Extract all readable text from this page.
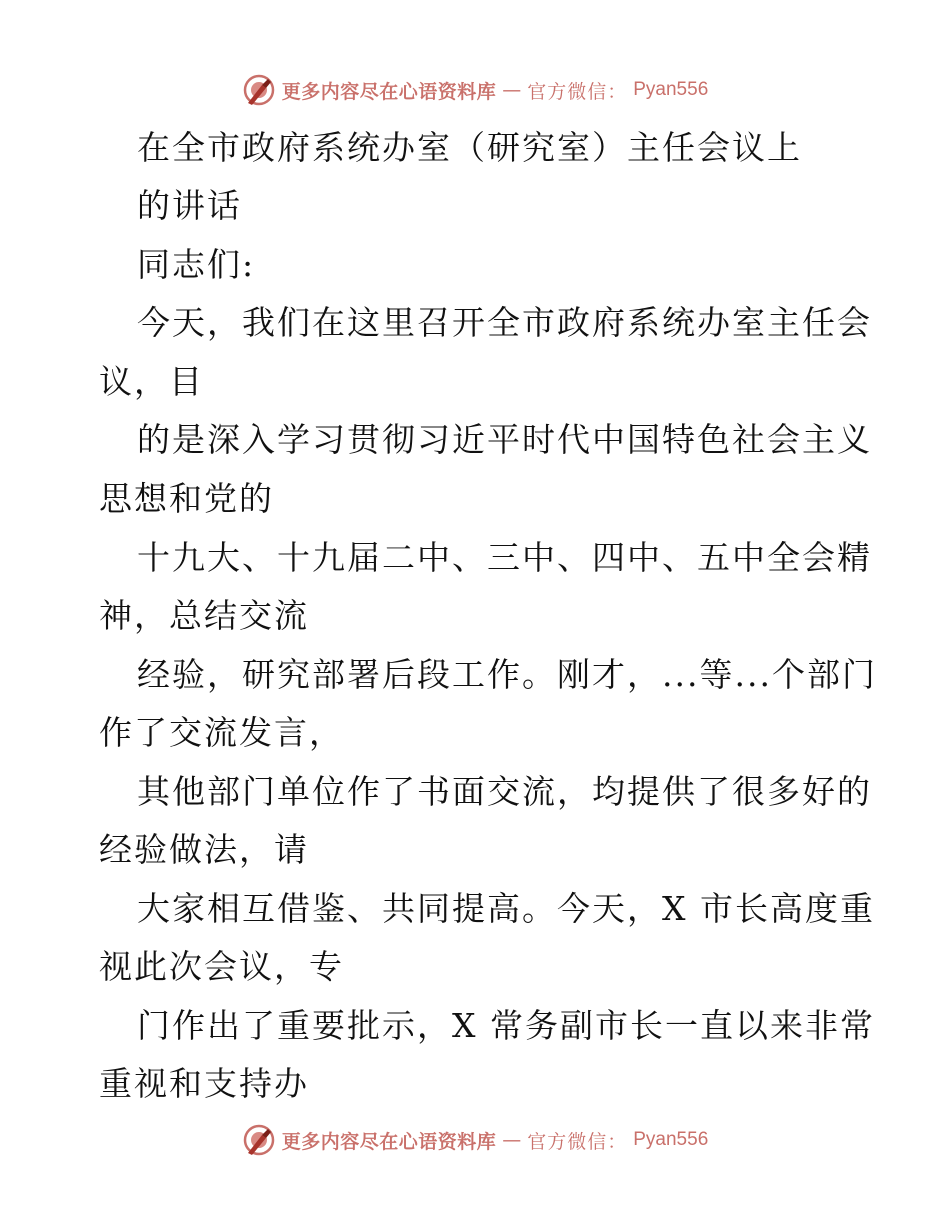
更多内容尽在心语资料库 — 官方微信： Pyan556
在全市政府系统办室（研究室）主任会议上
的讲话
同志们:
今天，我们在这里召开全市政府系统办室主任会
议，目
的是深入学习贯彻习近平时代中国特色社会主义
思想和党的
十九大、十九届二中、三中、四中、五中全会精
神，总结交流
经验，研究部署后段工作。刚才，...等...个部门
作了交流发言，
其他部门单位作了书面交流，均提供了很多好的
经验做法，请
大家相互借鉴、共同提高。今天，X 市长高度重
视此次会议，专
门作出了重要批示，X 常务副市长一直以来非常
重视和支持办
更多内容尽在心语资料库 — 官方微信： Pyan556
